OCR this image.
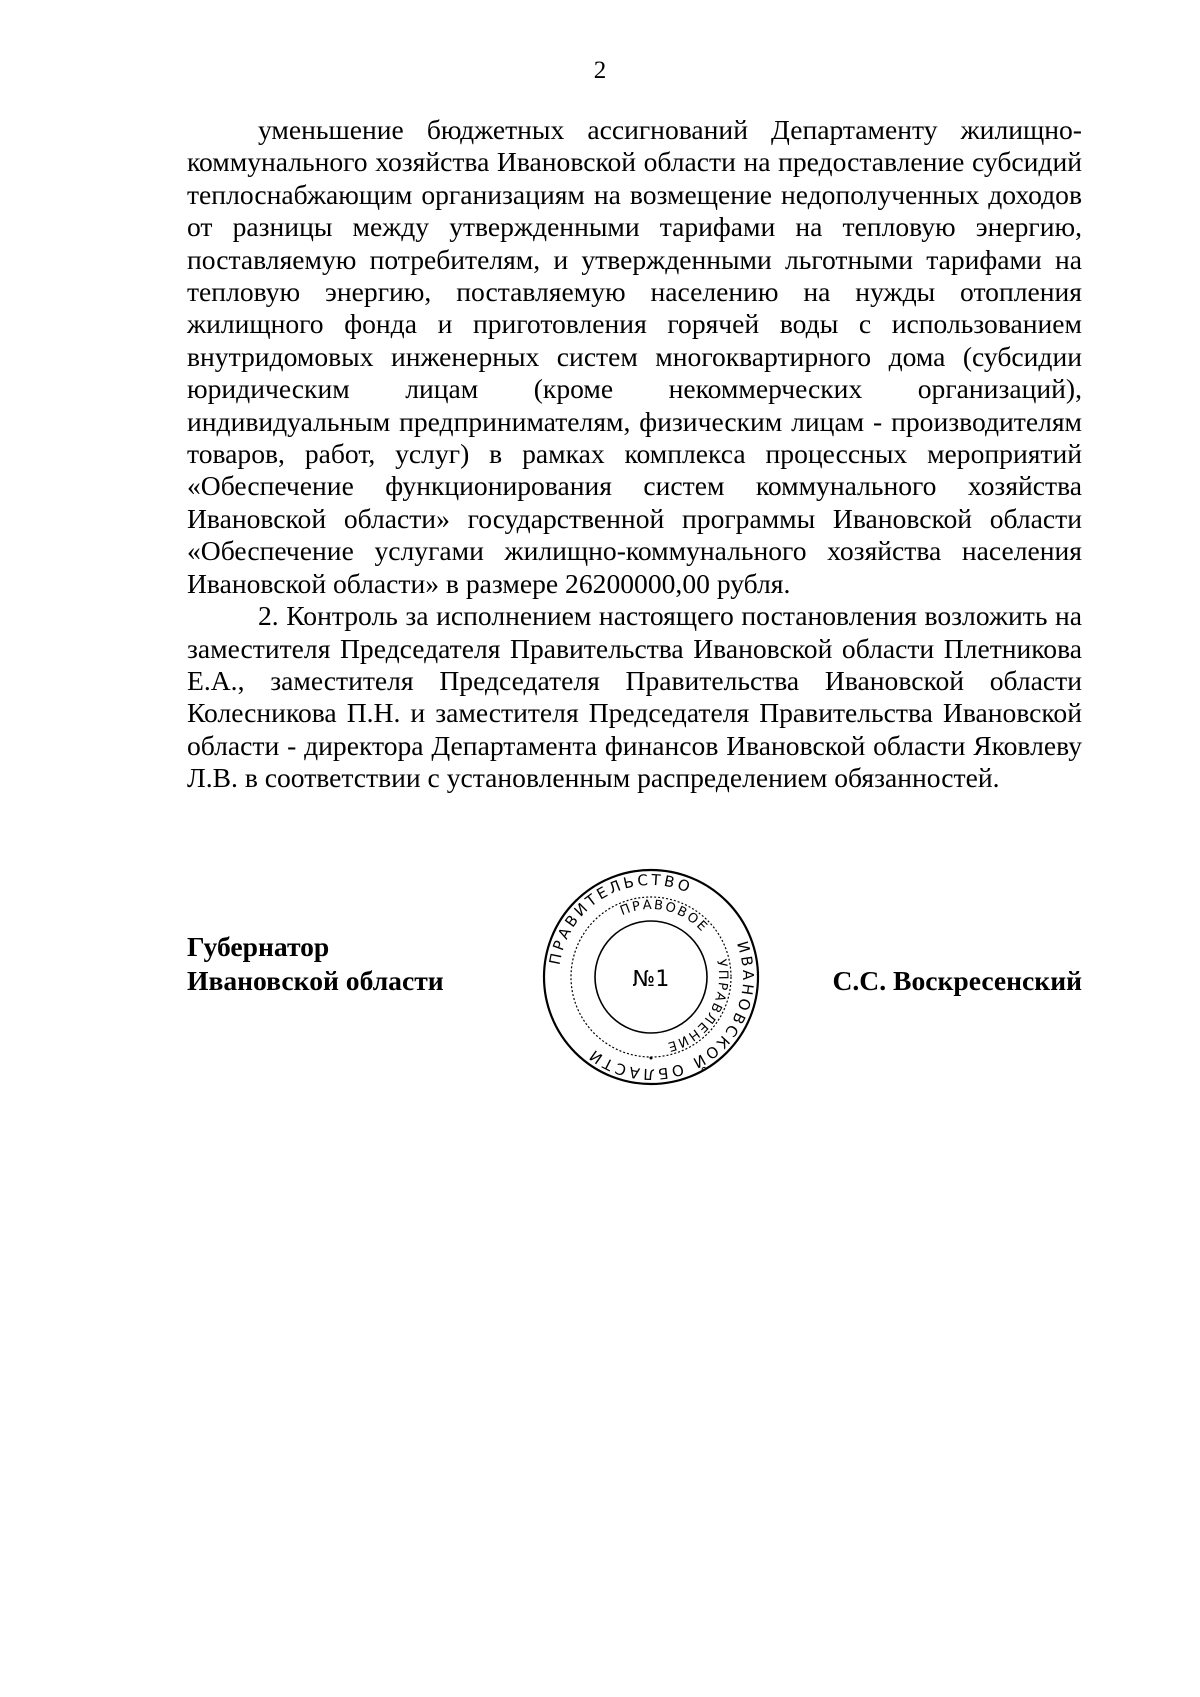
2

уменьшение бюджетных ассигнований Департаменту жилищно-коммунального хозяйства Ивановской области на предоставление субсидий теплоснабжающим организациям на возмещение недополученных доходов от разницы между утвержденными тарифами на тепловую энергию, поставляемую потребителям, и утвержденными льготными тарифами на тепловую энергию, поставляемую населению на нужды отопления жилищного фонда и приготовления горячей воды с использованием внутридомовых инженерных систем многоквартирного дома (субсидии юридическим лицам (кроме некоммерческих организаций), индивидуальным предпринимателям, физическим лицам - производителям товаров, работ, услуг) в рамках комплекса процессных мероприятий «Обеспечение функционирования систем коммунального хозяйства Ивановской области» государственной программы Ивановской области «Обеспечение услугами жилищно-коммунального хозяйства населения Ивановской области» в размере 26200000,00 рубля.

2. Контроль за исполнением настоящего постановления возложить на заместителя Председателя Правительства Ивановской области Плетникова Е.А., заместителя Председателя Правительства Ивановской области Колесникова П.Н. и заместителя Председателя Правительства Ивановской области - директора Департамента финансов Ивановской области Яковлеву Л.В. в соответствии с установленным распределением обязанностей.

Губернатор
Ивановской области	С.С. Воскресенский
ПРАВИТЕЛЬСТВО
ИВАНОВСКОЙ ОБЛАСТИ
ПРАВОВОЕ
УПРАВЛЕНИЕ
№1
